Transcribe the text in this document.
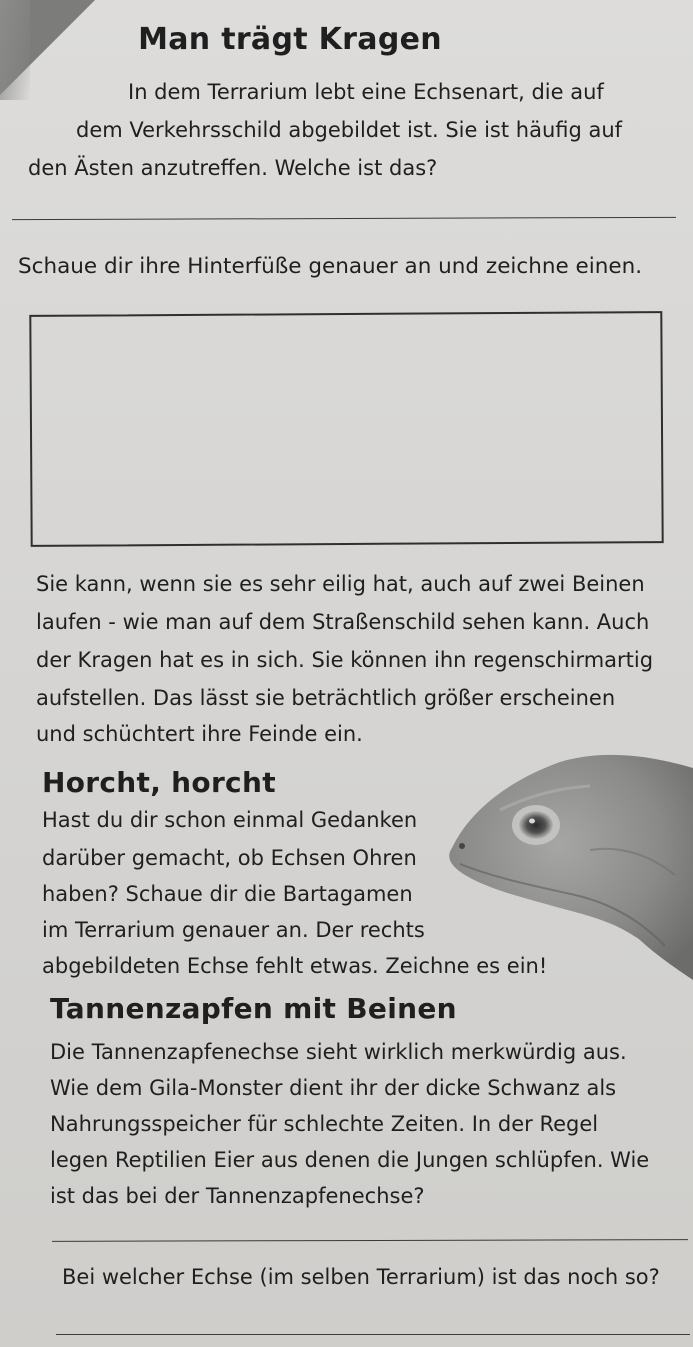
Man trägt Kragen
In dem Terrarium lebt eine Echsenart, die auf
dem Verkehrsschild abgebildet ist. Sie ist häufig auf
den Ästen anzutreffen. Welche ist das?
Schaue dir ihre Hinterfüße genauer an und zeichne einen.
Sie kann, wenn sie es sehr eilig hat, auch auf zwei Beinen
laufen - wie man auf dem Straßenschild sehen kann. Auch
der Kragen hat es in sich. Sie können ihn regenschirmartig
aufstellen. Das lässt sie beträchtlich größer erscheinen
und schüchtert ihre Feinde ein.
Horcht, horcht
Hast du dir schon einmal Gedanken
darüber gemacht, ob Echsen Ohren
haben? Schaue dir die Bartagamen
im Terrarium genauer an. Der rechts
abgebildeten Echse fehlt etwas. Zeichne es ein!
Tannenzapfen mit Beinen
Die Tannenzapfenechse sieht wirklich merkwürdig aus.
Wie dem Gila-Monster dient ihr der dicke Schwanz als
Nahrungsspeicher für schlechte Zeiten. In der Regel
legen Reptilien Eier aus denen die Jungen schlüpfen. Wie
ist das bei der Tannenzapfenechse?
Bei welcher Echse (im selben Terrarium) ist das noch so?
